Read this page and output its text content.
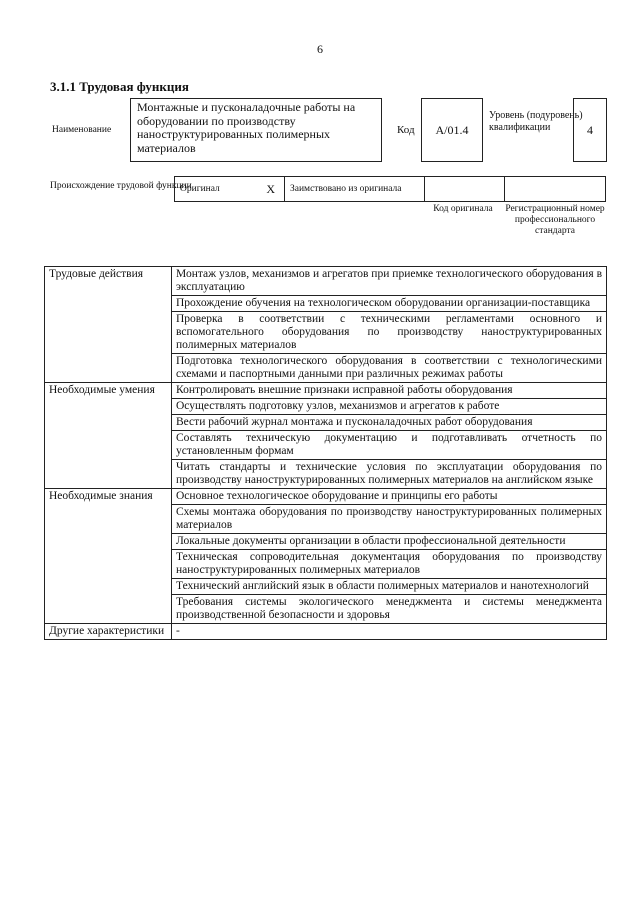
6
3.1.1 Трудовая функция
Наименование
Монтажные и пусконаладочные работы на оборудовании по производству наноструктурированных полимерных материалов
Код	A/01.4
Уровень (подуровень) квалификации	4
Происхождение трудовой функции
Оригинал	X	Заимствовано из оригинала
Код оригинала	Регистрационный номер профессионального стандарта
Трудовые действия	Монтаж узлов, механизмов и агрегатов при приемке технологического оборудования в эксплуатацию
	Прохождение обучения на технологическом оборудовании организации-поставщика
	Проверка в соответствии с техническими регламентами основного и вспомогательного оборудования по производству наноструктурированных полимерных материалов
	Подготовка технологического оборудования в соответствии с технологическими схемами и паспортными данными при различных режимах работы
Необходимые умения	Контролировать внешние признаки исправной работы оборудования
	Осуществлять подготовку узлов, механизмов и агрегатов к работе
	Вести рабочий журнал монтажа и пусконаладочных работ оборудования
	Составлять техническую документацию и подготавливать отчетность по установленным формам
	Читать стандарты и технические условия по эксплуатации оборудования по производству наноструктурированных полимерных материалов на английском языке
Необходимые знания	Основное технологическое оборудование и принципы его работы
	Схемы монтажа оборудования по производству наноструктурированных полимерных материалов
	Локальные документы организации в области профессиональной деятельности
	Техническая сопроводительная документация оборудования по производству наноструктурированных полимерных материалов
	Технический английский язык в области полимерных материалов и нанотехнологий
	Требования системы экологического менеджмента и системы менеджмента производственной безопасности и здоровья
Другие характеристики	-
